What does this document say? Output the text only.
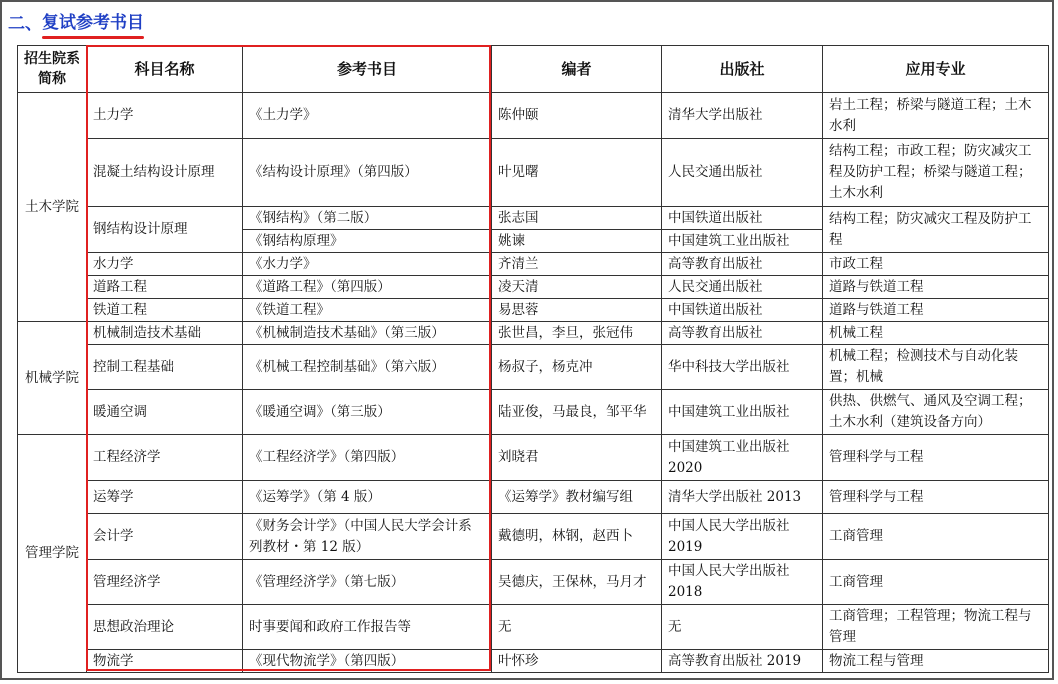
二、复试参考书目
招生院系简称	科目名称	参考书目	编者	出版社	应用专业
土木学院	土力学	《土力学》	陈仲颐	清华大学出版社	岩土工程；桥梁与隧道工程；土木水利
	混凝土结构设计原理	《结构设计原理》（第四版）	叶见曙	人民交通出版社	结构工程；市政工程；防灾减灾工程及防护工程；桥梁与隧道工程；土木水利
	钢结构设计原理	《钢结构》（第二版）	张志国	中国铁道出版社	结构工程；防灾减灾工程及防护工程
		《钢结构原理》	姚谏	中国建筑工业出版社	
	水力学	《水力学》	齐清兰	高等教育出版社	市政工程
	道路工程	《道路工程》（第四版）	凌天清	人民交通出版社	道路与铁道工程
	铁道工程	《铁道工程》	易思蓉	中国铁道出版社	道路与铁道工程
机械学院	机械制造技术基础	《机械制造技术基础》（第三版）	张世昌，李旦，张冠伟	高等教育出版社	机械工程
	控制工程基础	《机械工程控制基础》（第六版）	杨叔子，杨克冲	华中科技大学出版社	机械工程；检测技术与自动化装置；机械
	暖通空调	《暖通空调》（第三版）	陆亚俊，马最良，邹平华	中国建筑工业出版社	供热、供燃气、通风及空调工程；土木水利（建筑设备方向）
管理学院	工程经济学	《工程经济学》（第四版）	刘晓君	中国建筑工业出版社2020	管理科学与工程
	运筹学	《运筹学》（第 4 版）	《运筹学》教材编写组	清华大学出版社 2013	管理科学与工程
	会计学	《财务会计学》（中国人民大学会计系列教材・第 12 版）	戴德明，林钢，赵西卜	中国人民大学出版社2019	工商管理
	管理经济学	《管理经济学》（第七版）	吴德庆，王保林，马月才	中国人民大学出版社2018	工商管理
	思想政治理论	时事要闻和政府工作报告等	无	无	工商管理；工程管理；物流工程与管理
	物流学	《现代物流学》（第四版）	叶怀珍	高等教育出版社 2019	物流工程与管理
